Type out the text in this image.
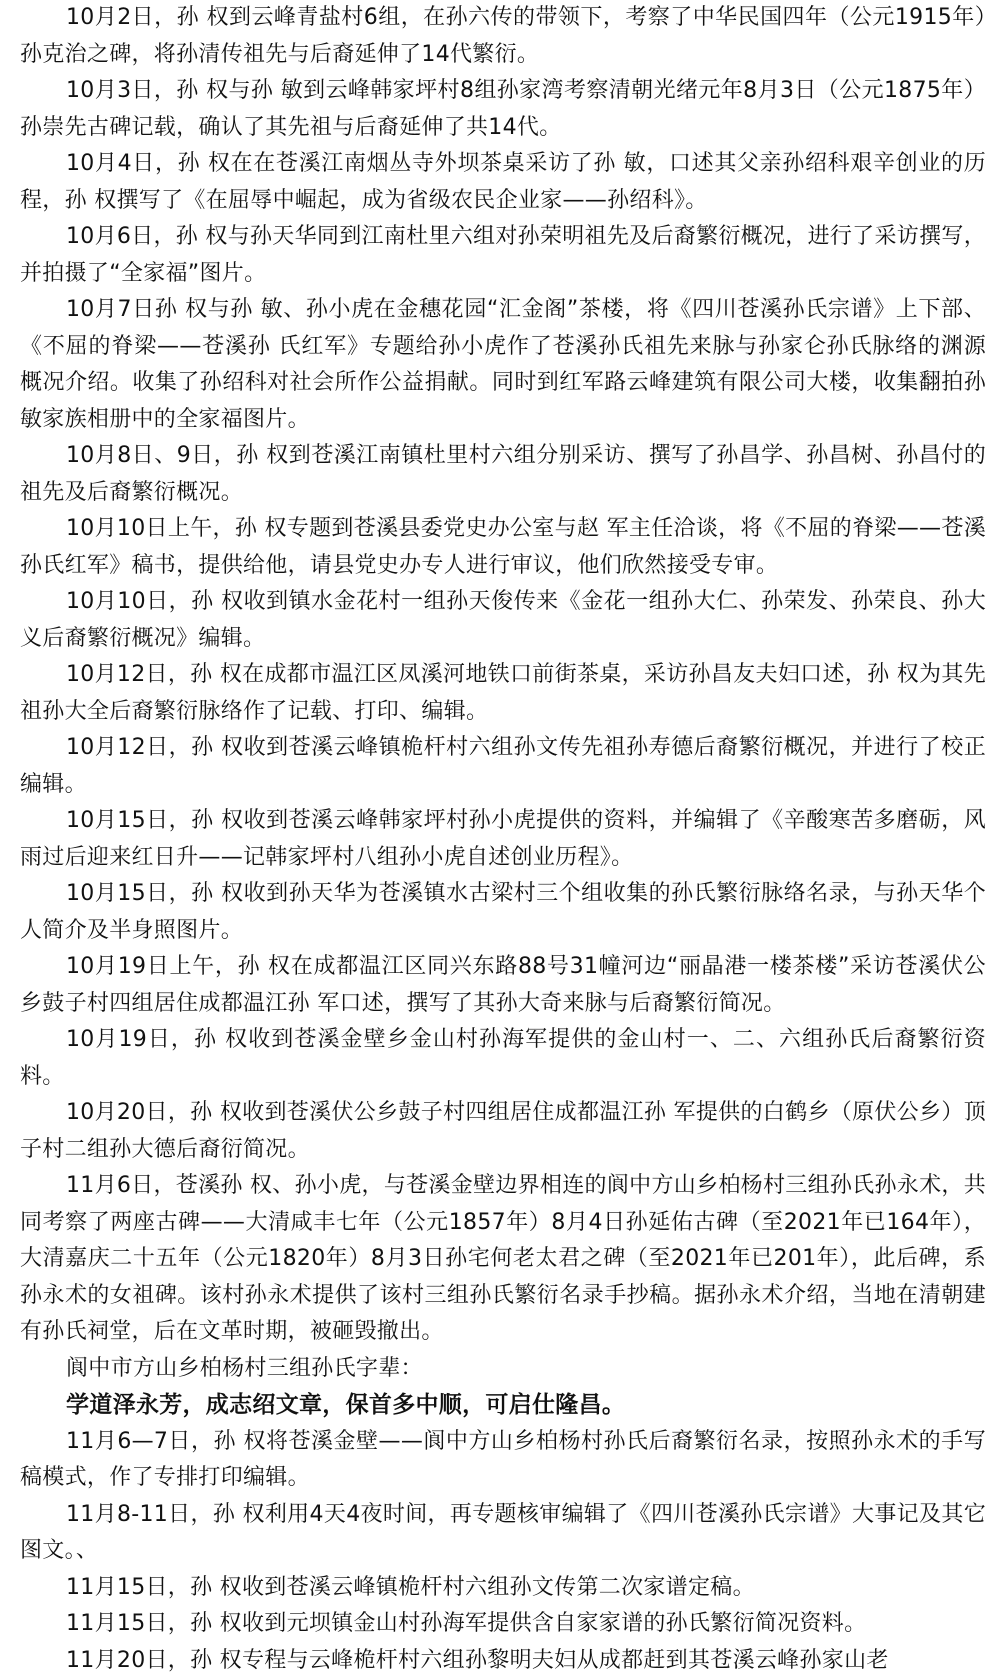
10月2日，孙 权到云峰青盐村6组，在孙六传的带领下，考察了中华民国四年（公元1915年）孙克治之碑，将孙清传祖先与后裔延伸了14代繁衍。

10月3日，孙 权与孙 敏到云峰韩家坪村8组孙家湾考察清朝光绪元年8月3日（公元1875年）孙崇先古碑记载，确认了其先祖与后裔延伸了共14代。

10月4日，孙 权在在苍溪江南烟丛寺外坝茶桌采访了孙 敏，口述其父亲孙绍科艰辛创业的历程，孙 权撰写了《在屈辱中崛起，成为省级农民企业家——孙绍科》。

10月6日，孙 权与孙天华同到江南杜里六组对孙荣明祖先及后裔繁衍概况，进行了采访撰写，并拍摄了“全家福”图片。

10月7日孙 权与孙 敏、孙小虎在金穗花园“汇金阁”茶楼，将《四川苍溪孙氏宗谱》上下部、《不屈的脊梁——苍溪孙 氏红军》专题给孙小虎作了苍溪孙氏祖先来脉与孙家仑孙氏脉络的渊源概况介绍。收集了孙绍科对社会所作公益捐献。同时到红军路云峰建筑有限公司大楼，收集翻拍孙 敏家族相册中的全家福图片。

10月8日、9日，孙 权到苍溪江南镇杜里村六组分别采访、撰写了孙昌学、孙昌树、孙昌付的祖先及后裔繁衍概况。

10月10日上午，孙 权专题到苍溪县委党史办公室与赵 军主任洽谈，将《不屈的脊梁——苍溪孙氏红军》稿书，提供给他，请县党史办专人进行审议，他们欣然接受专审。

10月10日，孙 权收到镇水金花村一组孙天俊传来《金花一组孙大仁、孙荣发、孙荣良、孙大义后裔繁衍概况》编辑。

10月12日，孙 权在成都市温江区凤溪河地铁口前街茶桌，采访孙昌友夫妇口述，孙 权为其先祖孙大全后裔繁衍脉络作了记载、打印、编辑。

10月12日，孙 权收到苍溪云峰镇桅杆村六组孙文传先祖孙寿德后裔繁衍概况，并进行了校正编辑。

10月15日，孙 权收到苍溪云峰韩家坪村孙小虎提供的资料，并编辑了《辛酸寒苦多磨砺，风雨过后迎来红日升——记韩家坪村八组孙小虎自述创业历程》。

10月15日，孙 权收到孙天华为苍溪镇水古梁村三个组收集的孙氏繁衍脉络名录，与孙天华个人简介及半身照图片。

10月19日上午，孙 权在成都温江区同兴东路88号31幢河边“丽晶港一楼茶楼”采访苍溪伏公乡鼓子村四组居住成都温江孙 军口述，撰写了其孙大奇来脉与后裔繁衍简况。

10月19日，孙 权收到苍溪金壁乡金山村孙海军提供的金山村一、二、六组孙氏后裔繁衍资料。

10月20日，孙 权收到苍溪伏公乡鼓子村四组居住成都温江孙 军提供的白鹤乡（原伏公乡）顶子村二组孙大德后裔衍简况。

11月6日，苍溪孙 权、孙小虎，与苍溪金壁边界相连的阆中方山乡柏杨村三组孙氏孙永术，共同考察了两座古碑——大清咸丰七年（公元1857年）8月4日孙延佑古碑（至2021年已164年），大清嘉庆二十五年（公元1820年）8月3日孙宅何老太君之碑（至2021年已201年），此后碑，系孙永术的女祖碑。该村孙永术提供了该村三组孙氏繁衍名录手抄稿。据孙永术介绍，当地在清朝建有孙氏祠堂，后在文革时期，被砸毁撤出。

阆中市方山乡柏杨村三组孙氏字辈：

学道泽永芳，成志绍文章，保首多中顺，可启仕隆昌。

11月6—7日，孙 权将苍溪金壁——阆中方山乡柏杨村孙氏后裔繁衍名录，按照孙永术的手写稿模式，作了专排打印编辑。

11月8-11日，孙 权利用4天4夜时间，再专题核审编辑了《四川苍溪孙氏宗谱》大事记及其它图文。、

11月15日，孙 权收到苍溪云峰镇桅杆村六组孙文传第二次家谱定稿。

11月15日，孙 权收到元坝镇金山村孙海军提供含自家家谱的孙氏繁衍简况资料。

11月20日，孙 权专程与云峰桅杆村六组孙黎明夫妇从成都赶到其苍溪云峰孙家山老
